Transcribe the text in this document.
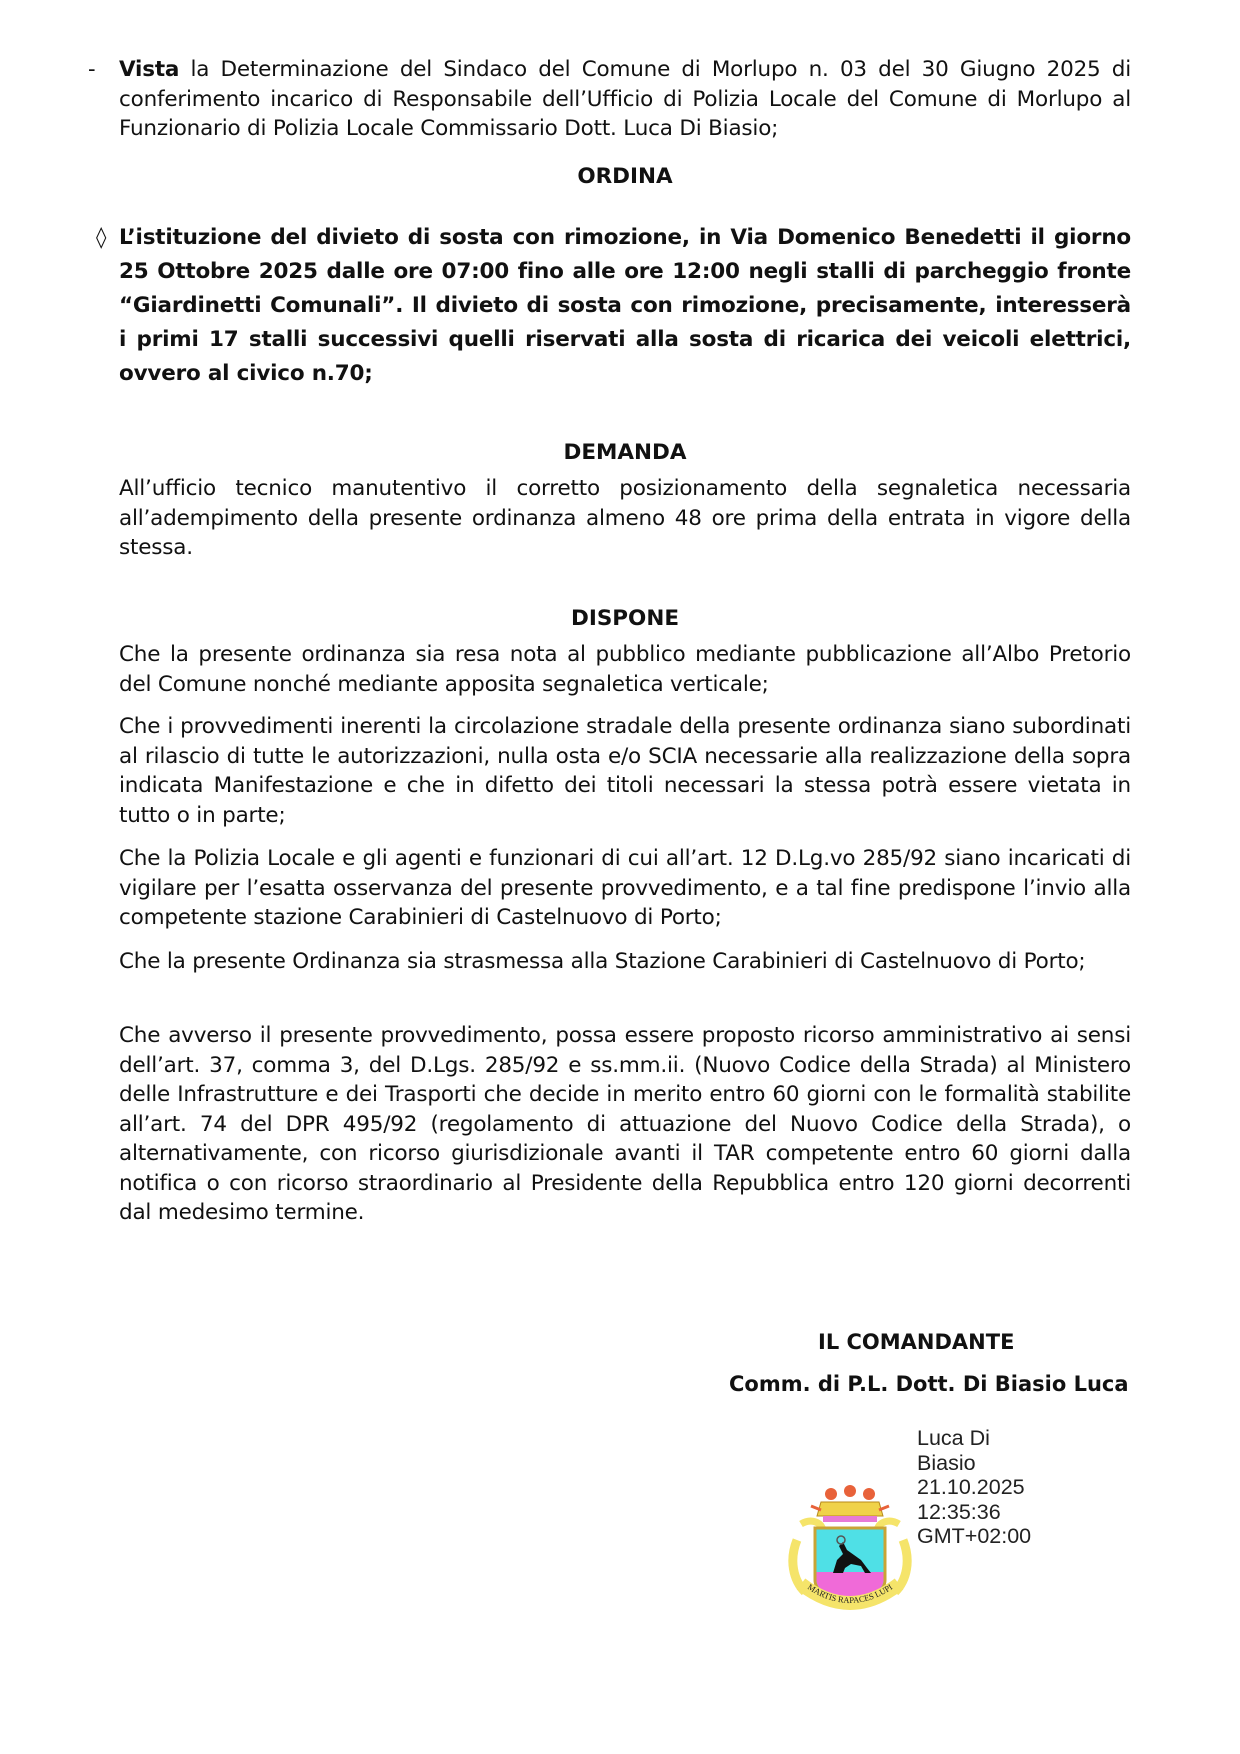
- Vista la Determinazione del Sindaco del Comune di Morlupo n. 03 del 30 Giugno 2025 di conferimento incarico di Responsabile dell’Ufficio di Polizia Locale del Comune di Morlupo al Funzionario di Polizia Locale Commissario Dott. Luca Di Biasio;
ORDINA
◊ L’istituzione del divieto di sosta con rimozione, in Via Domenico Benedetti il giorno 25 Ottobre 2025 dalle ore 07:00 fino alle ore 12:00 negli stalli di parcheggio fronte “Giardinetti Comunali”. Il divieto di sosta con rimozione, precisamente, interesserà i primi 17 stalli successivi quelli riservati alla sosta di ricarica dei veicoli elettrici, ovvero al civico n.70;
DEMANDA
All’ufficio tecnico manutentivo il corretto posizionamento della segnaletica necessaria all’adempimento della presente ordinanza almeno 48 ore prima della entrata in vigore della stessa.
DISPONE
Che la presente ordinanza sia resa nota al pubblico mediante pubblicazione all’Albo Pretorio del Comune nonché mediante apposita segnaletica verticale;
Che i provvedimenti inerenti la circolazione stradale della presente ordinanza siano subordinati al rilascio di tutte le autorizzazioni, nulla osta e/o SCIA necessarie alla realizzazione della sopra indicata Manifestazione e che in difetto dei titoli necessari la stessa potrà essere vietata in tutto o in parte;
Che la Polizia Locale e gli agenti e funzionari di cui all’art. 12 D.Lg.vo 285/92 siano incaricati di vigilare per l’esatta osservanza del presente provvedimento, e a tal fine predispone l’invio alla competente stazione Carabinieri di Castelnuovo di Porto;
Che la presente Ordinanza sia strasmessa alla Stazione Carabinieri di Castelnuovo di Porto;
Che avverso il presente provvedimento, possa essere proposto ricorso amministrativo ai sensi dell’art. 37, comma 3, del D.Lgs. 285/92 e ss.mm.ii. (Nuovo Codice della Strada) al Ministero delle Infrastrutture e dei Trasporti che decide in merito entro 60 giorni con le formalità stabilite all’art. 74 del DPR 495/92 (regolamento di attuazione del Nuovo Codice della Strada), o alternativamente, con ricorso giurisdizionale avanti il TAR competente entro 60 giorni dalla notifica o con ricorso straordinario al Presidente della Repubblica entro 120 giorni decorrenti dal medesimo termine.
IL COMANDANTE
Comm. di P.L. Dott. Di Biasio Luca
MARTIS RAPACES LUPI
Luca Di
Biasio
21.10.2025
12:35:36
GMT+02:00
